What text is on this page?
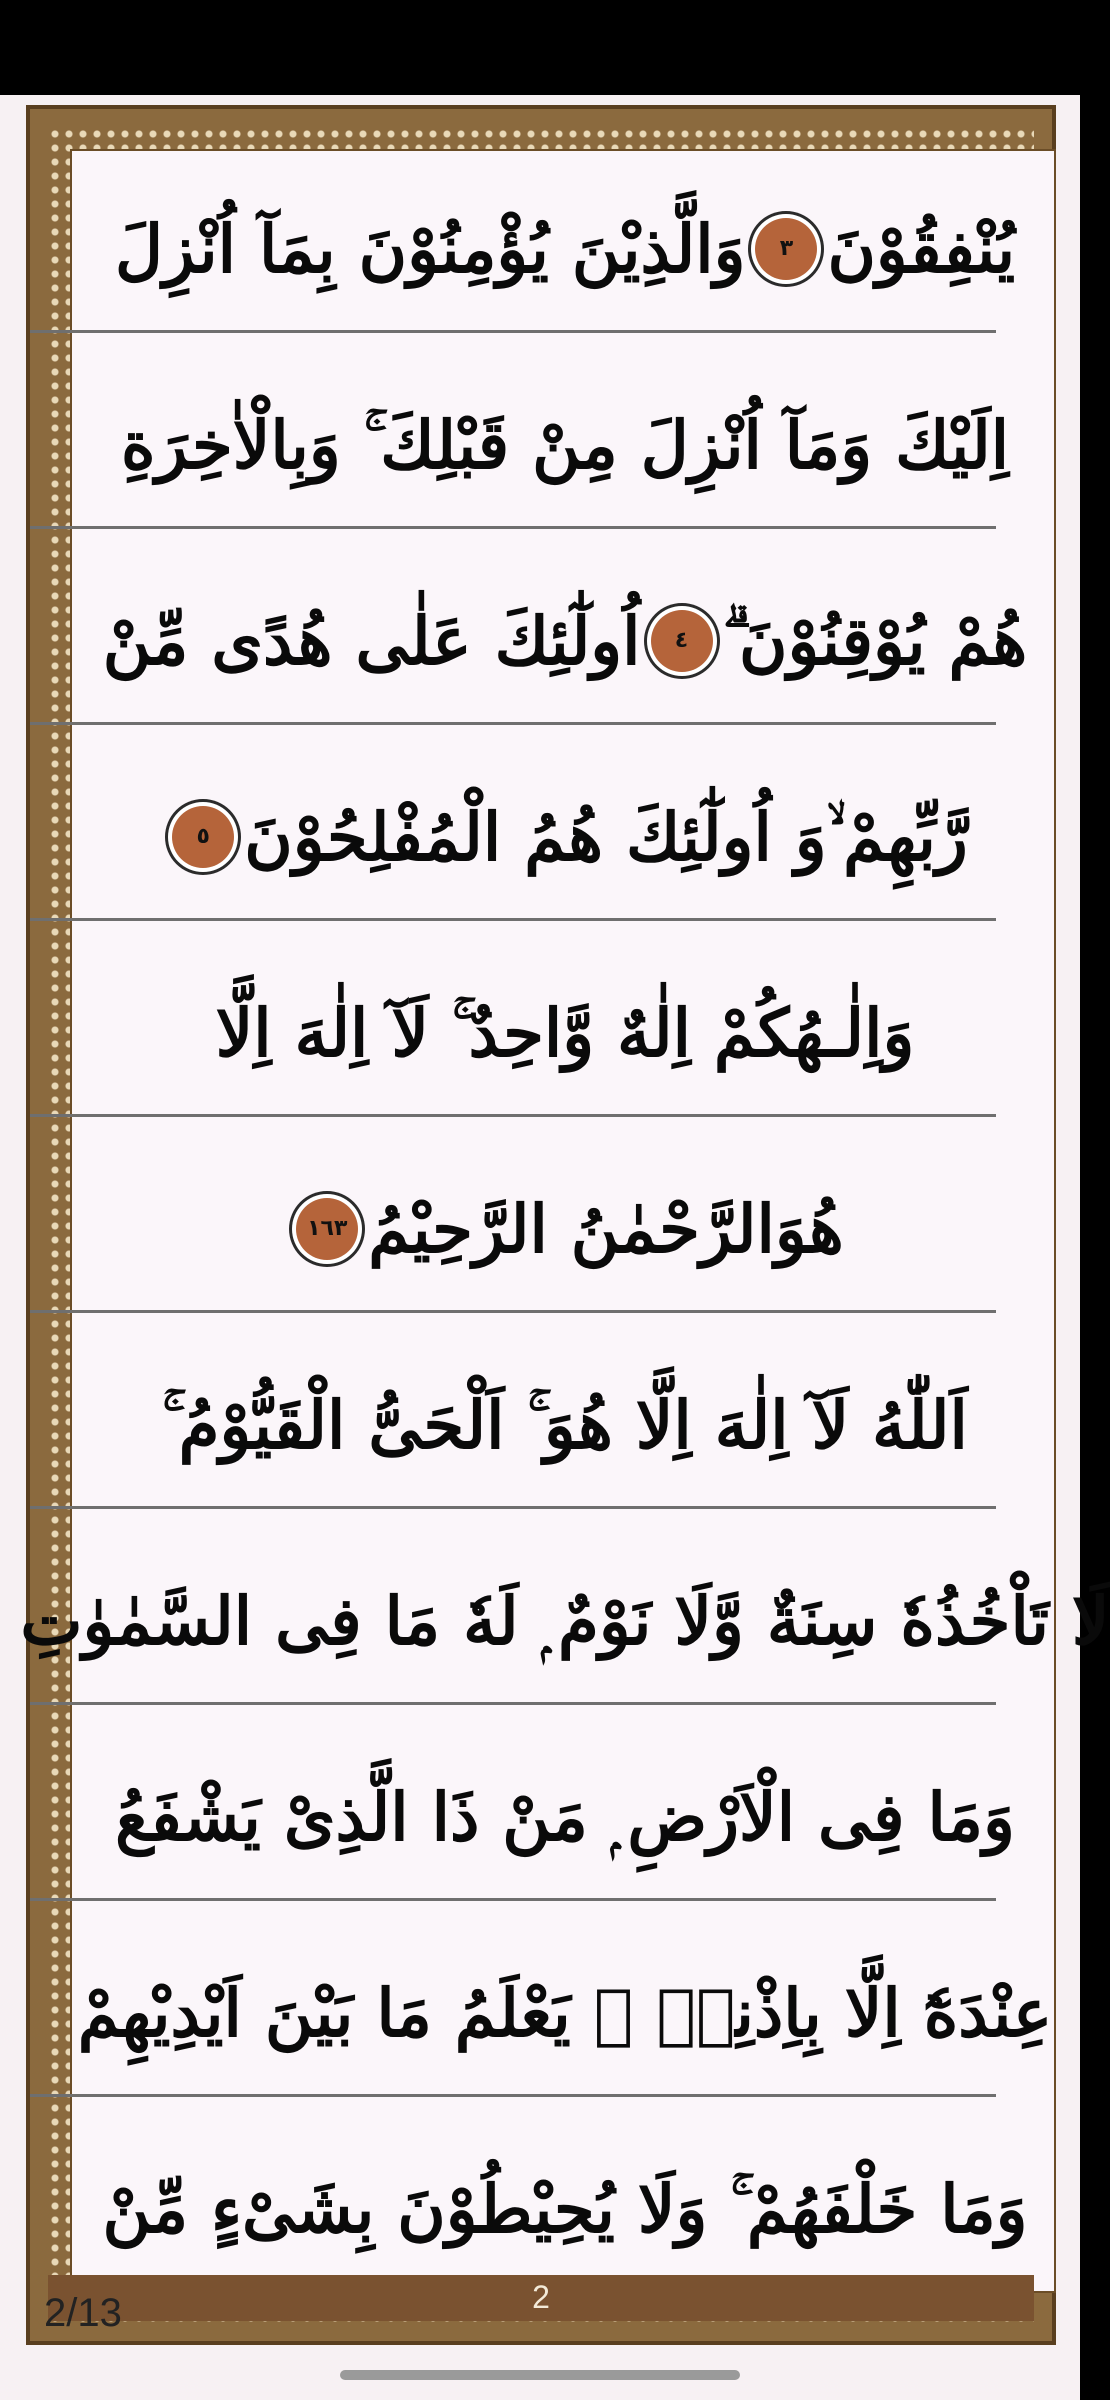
يُنْفِقُوْنَ
٣
وَالَّذِيْنَ يُؤْمِنُوْنَ بِمَآ اُنْزِلَ
اِلَيْكَ وَمَآ اُنْزِلَ مِنْ قَبْلِكَ ۚ وَبِالْاٰخِرَةِ
هُمْ يُوْقِنُوْنَ ۗ
٤
اُولٰٓئِكَ عَلٰى هُدًى مِّنْ
رَّبِّهِمْ ۙ
وَ اُولٰٓئِكَ هُمُ الْمُفْلِحُوْنَ
٥
وَاِلٰـهُكُمْ اِلٰهٌ وَّاحِدٌ ۚ لَآ اِلٰهَ اِلَّا
هُوَالرَّحْمٰنُ الرَّحِيْمُ
١٦٣
اَللّٰهُ لَآ اِلٰهَ اِلَّا هُوَ ۚ اَلْحَىُّ الْقَيُّوْمُ ۚ
لَا تَاْخُذُهٗ سِنَةٌ وَّلَا نَوْمٌ ۭ لَهٗ مَا فِى السَّمٰوٰتِ
وَمَا فِى الْاَرْضِ ۭ مَنْ ذَا الَّذِىْ يَشْفَعُ
عِنْدَهٗٓ اِلَّا بِاِذْنِهٖ ۭ يَعْلَمُ مَا بَيْنَ اَيْدِيْهِمْ
وَمَا خَلْفَهُمْ ۚ وَلَا يُحِيْطُوْنَ بِشَىْءٍ مِّنْ
2
2/13
